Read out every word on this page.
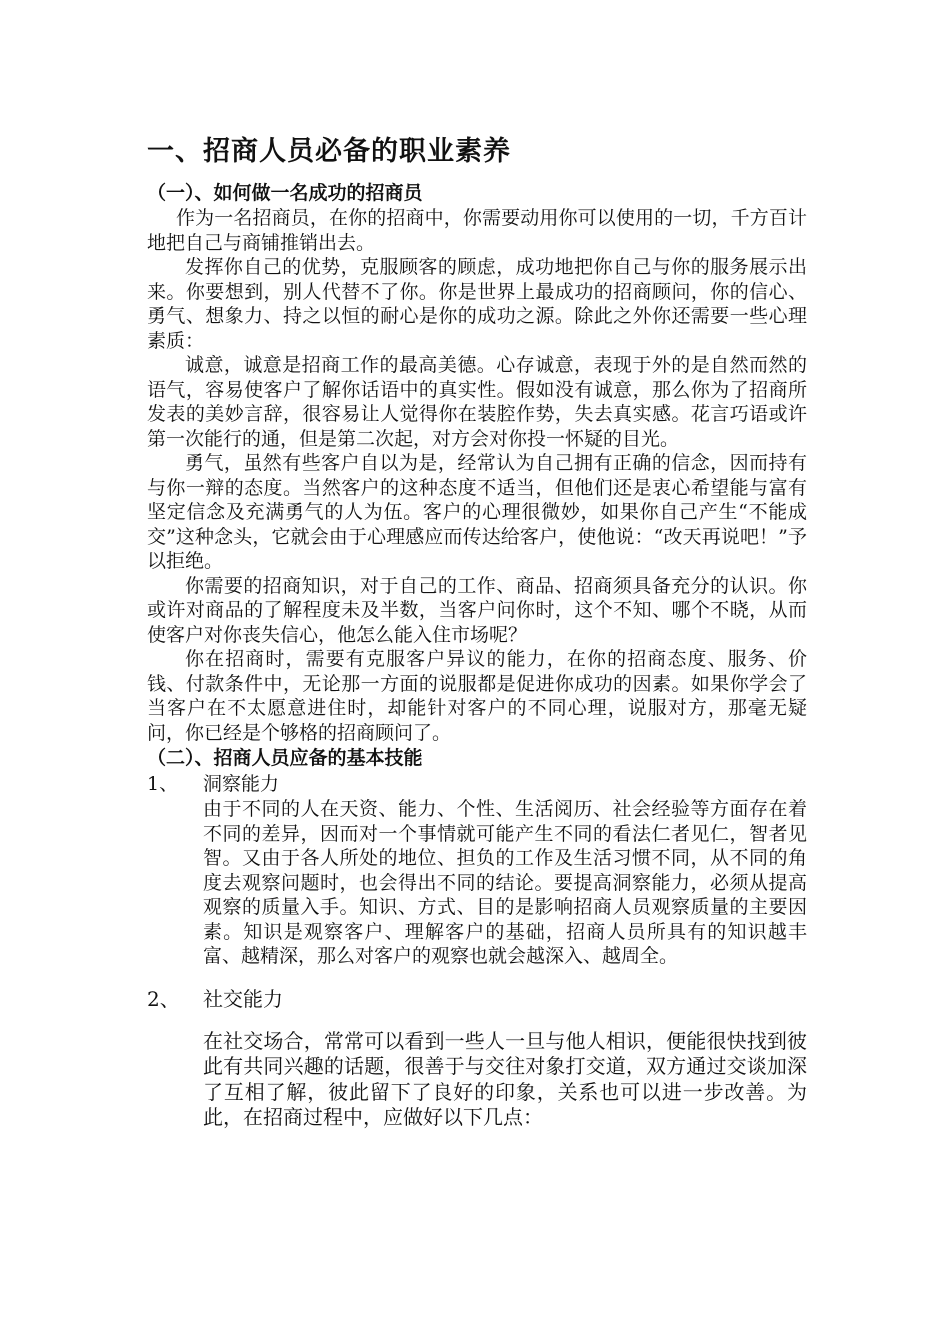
一、招商人员必备的职业素养
（一）、如何做一名成功的招商员

作为一名招商员，在你的招商中，你需要动用你可以使用的一切，千方百计地把自己与商铺推销出去。

发挥你自己的优势，克服顾客的顾虑，成功地把你自己与你的服务展示出来。你要想到，别人代替不了你。你是世界上最成功的招商顾问，你的信心、勇气、想象力、持之以恒的耐心是你的成功之源。除此之外你还需要一些心理素质：

诚意，诚意是招商工作的最高美德。心存诚意，表现于外的是自然而然的语气，容易使客户了解你话语中的真实性。假如没有诚意，那么你为了招商所发表的美妙言辞，很容易让人觉得你在装腔作势，失去真实感。花言巧语或许第一次能行的通，但是第二次起，对方会对你投一怀疑的目光。

勇气，虽然有些客户自以为是，经常认为自己拥有正确的信念，因而持有与你一辩的态度。当然客户的这种态度不适当，但他们还是衷心希望能与富有坚定信念及充满勇气的人为伍。客户的心理很微妙，如果你自己产生“不能成交”这种念头，它就会由于心理感应而传达给客户，使他说：“改天再说吧！”予以拒绝。

你需要的招商知识，对于自己的工作、商品、招商须具备充分的认识。你或许对商品的了解程度未及半数，当客户问你时，这个不知、哪个不晓，从而使客户对你丧失信心，他怎么能入住市场呢？

你在招商时，需要有克服客户异议的能力，在你的招商态度、服务、价钱、付款条件中，无论那一方面的说服都是促进你成功的因素。如果你学会了当客户在不太愿意进住时，却能针对客户的不同心理，说服对方，那毫无疑问，你已经是个够格的招商顾问了。

（二）、招商人员应备的基本技能
1、	洞察能力

由于不同的人在天资、能力、个性、生活阅历、社会经验等方面存在着不同的差异，因而对一个事情就可能产生不同的看法仁者见仁，智者见智。又由于各人所处的地位、担负的工作及生活习惯不同，从不同的角度去观察问题时，也会得出不同的结论。要提高洞察能力，必须从提高观察的质量入手。知识、方式、目的是影响招商人员观察质量的主要因素。知识是观察客户、理解客户的基础，招商人员所具有的知识越丰富、越精深，那么对客户的观察也就会越深入、越周全。

2、	社交能力

在社交场合，常常可以看到一些人一旦与他人相识，便能很快找到彼此有共同兴趣的话题，很善于与交往对象打交道，双方通过交谈加深了互相了解，彼此留下了良好的印象，关系也可以进一步改善。为此，在招商过程中，应做好以下几点：
